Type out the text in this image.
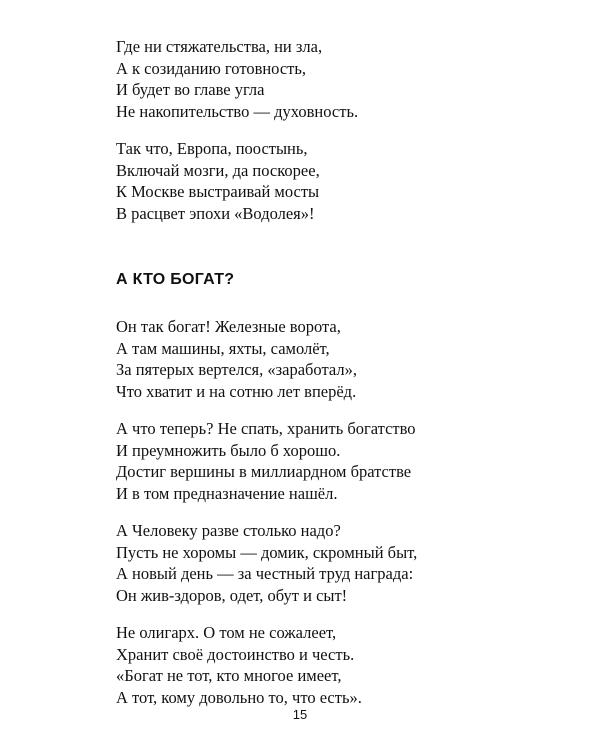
Где ни стяжательства, ни зла,
А к созиданию готовность,
И будет во главе угла
Не накопительство — духовность.
Так что, Европа, поостынь,
Включай мозги, да поскорее,
К Москве выстраивай мосты
В расцвет эпохи «Водолея»!
А КТО БОГАТ?
Он так богат! Железные ворота,
А там машины, яхты, самолёт,
За пятерых вертелся, «заработал»,
Что хватит и на сотню лет вперёд.
А что теперь? Не спать, хранить богатство
И преумножить было б хорошо.
Достиг вершины в миллиардном братстве
И в том предназначение нашёл.
А Человеку разве столько надо?
Пусть не хоромы — домик, скромный быт,
А новый день — за честный труд награда:
Он жив-здоров, одет, обут и сыт!
Не олигарх. О том не сожалеет,
Хранит своё достоинство и честь.
«Богат не тот, кто многое имеет,
А тот, кому довольно то, что есть».
15
